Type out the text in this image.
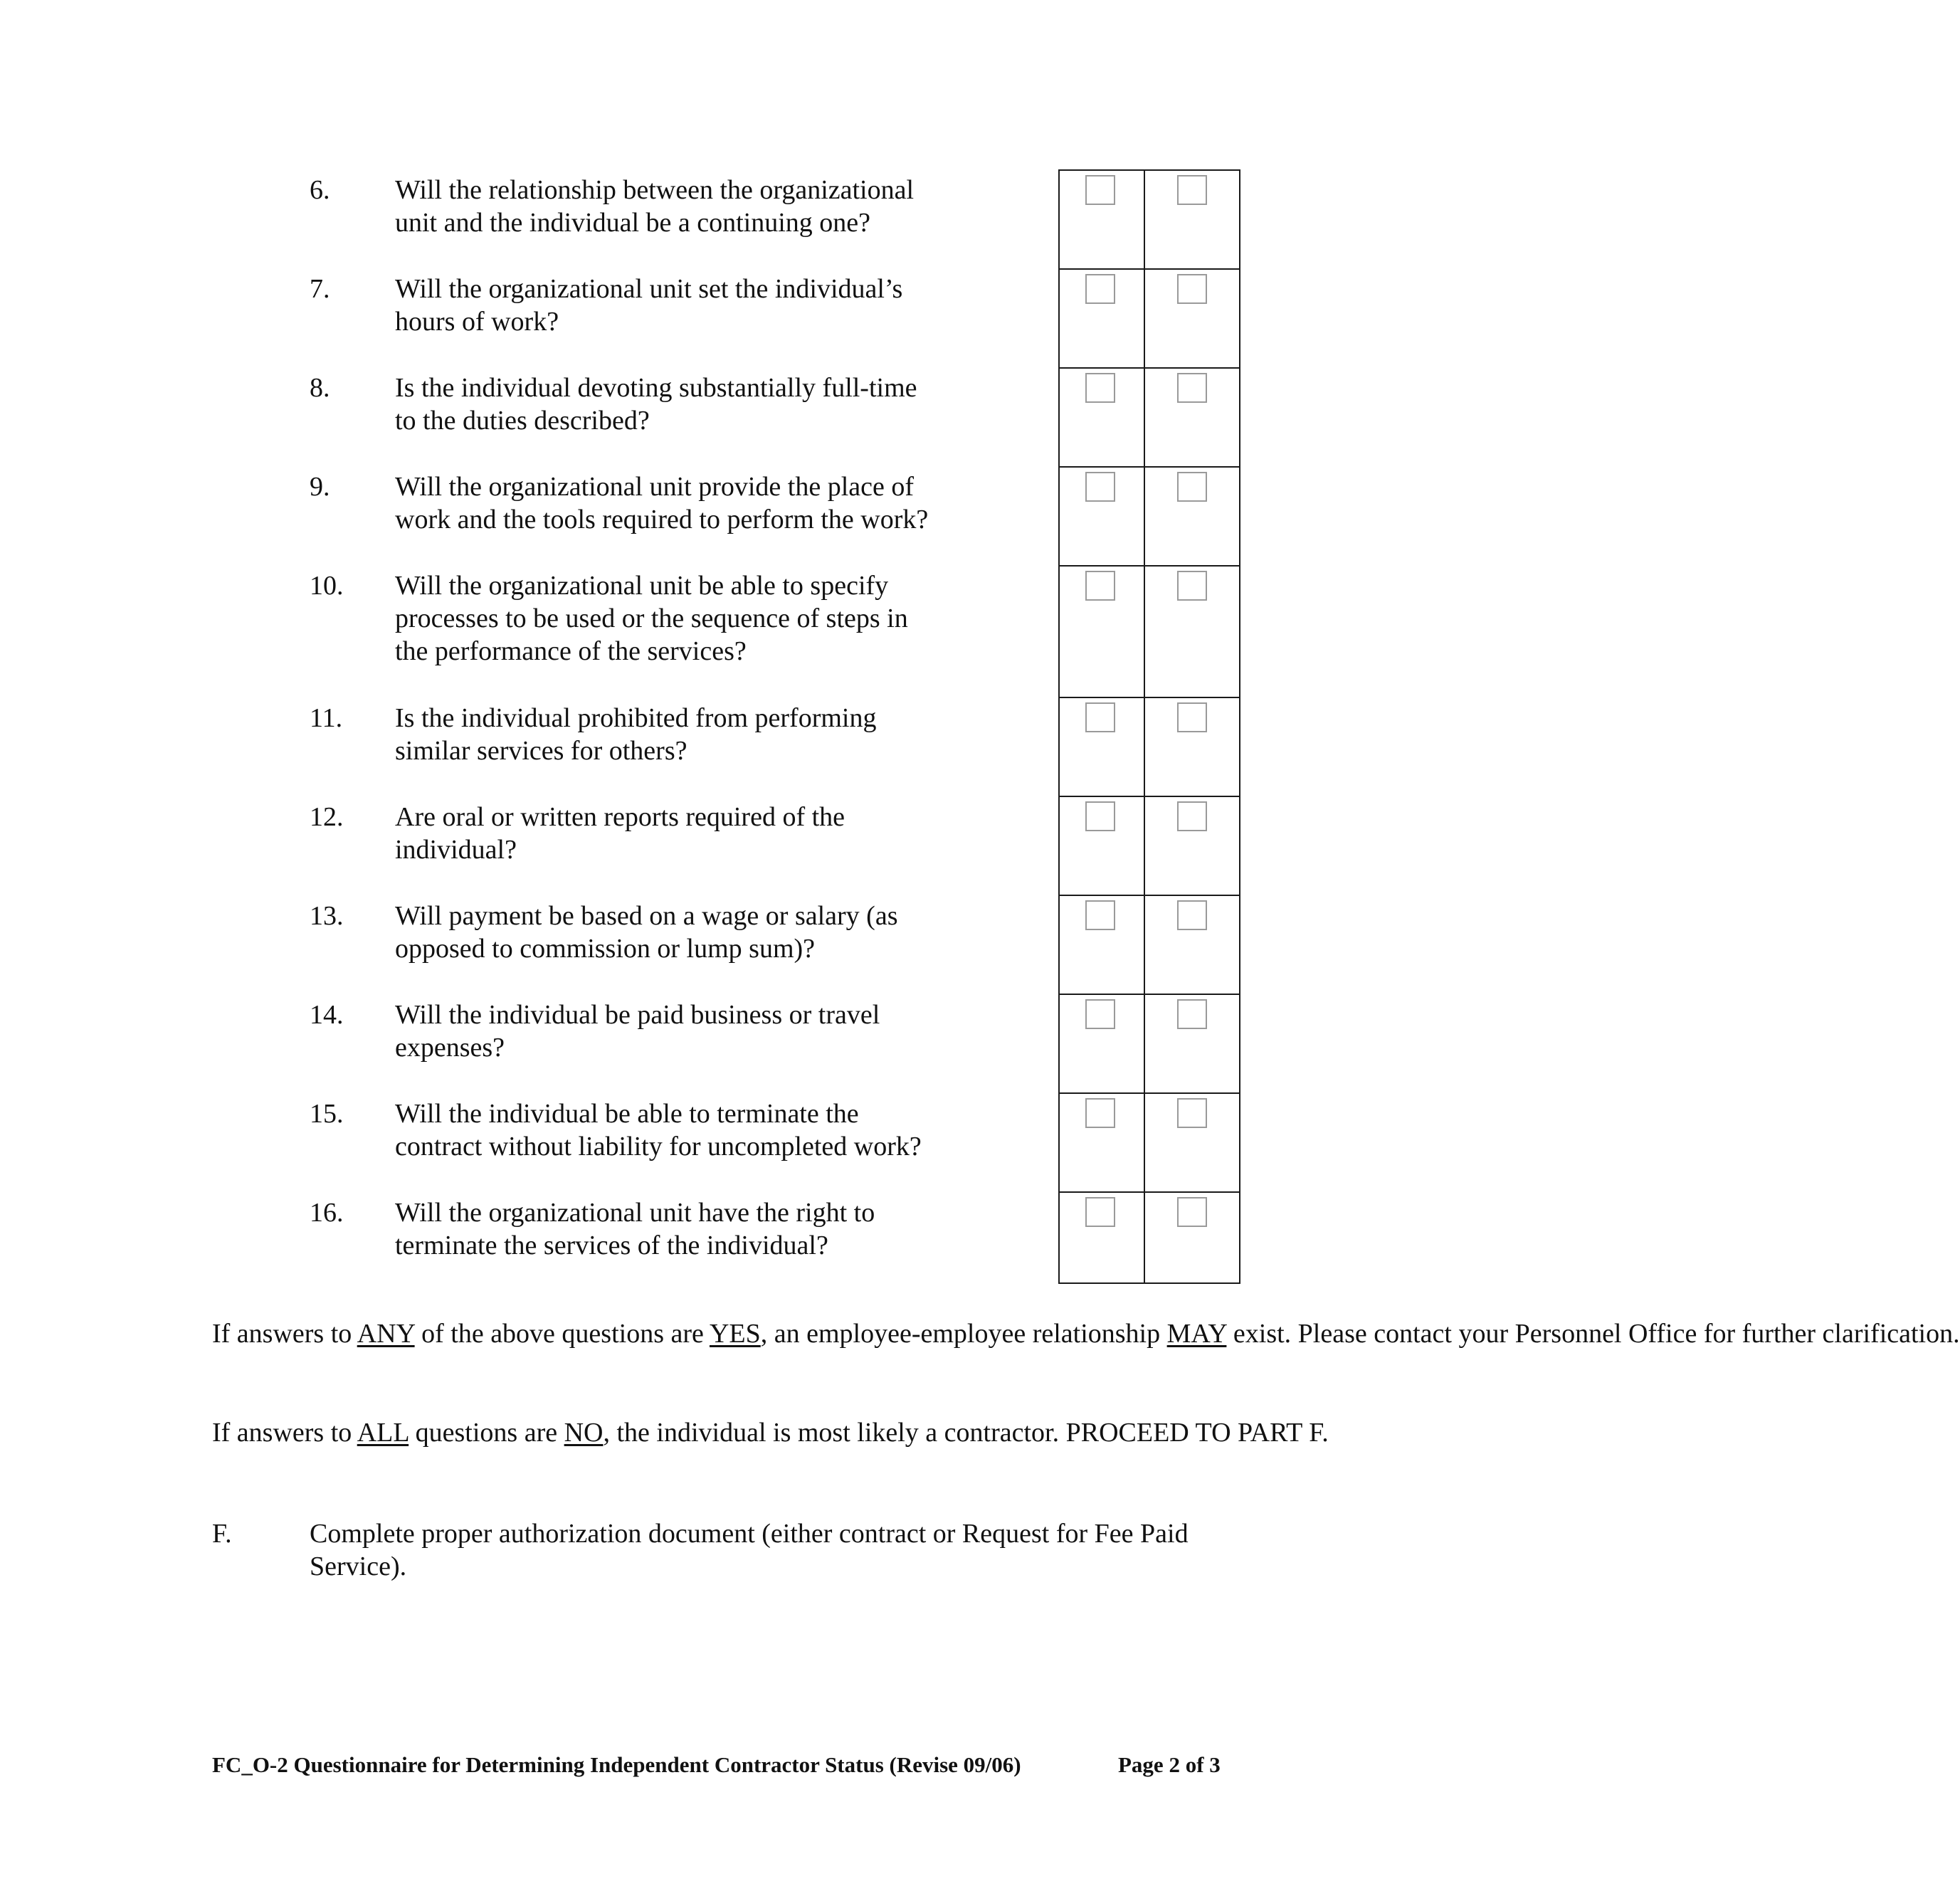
6. Will the relationship between the organizational
unit and the individual be a continuing one?
7. Will the organizational unit set the individual’s
hours of work?
8. Is the individual devoting substantially full-time
to the duties described?
9. Will the organizational unit provide the place of
work and the tools required to perform the work?
10. Will the organizational unit be able to specify
processes to be used or the sequence of steps in
the performance of the services?
11. Is the individual prohibited from performing
similar services for others?
12. Are oral or written reports required of the
individual?
13. Will payment be based on a wage or salary (as
opposed to commission or lump sum)?
14. Will the individual be paid business or travel
expenses?
15. Will the individual be able to terminate the
contract without liability for uncompleted work?
16. Will the organizational unit have the right to
terminate the services of the individual?
If answers to ANY of the above questions are YES, an employee-employee relationship MAY exist. Please contact your Personnel Office for further clarification.
If answers to ALL questions are NO, the individual is most likely a contractor. PROCEED TO PART F.
F.	Complete proper authorization document (either contract or Request for Fee Paid
Service).
FC_O-2 Questionnaire for Determining Independent Contractor Status (Revise 09/06)	Page 2 of 3
